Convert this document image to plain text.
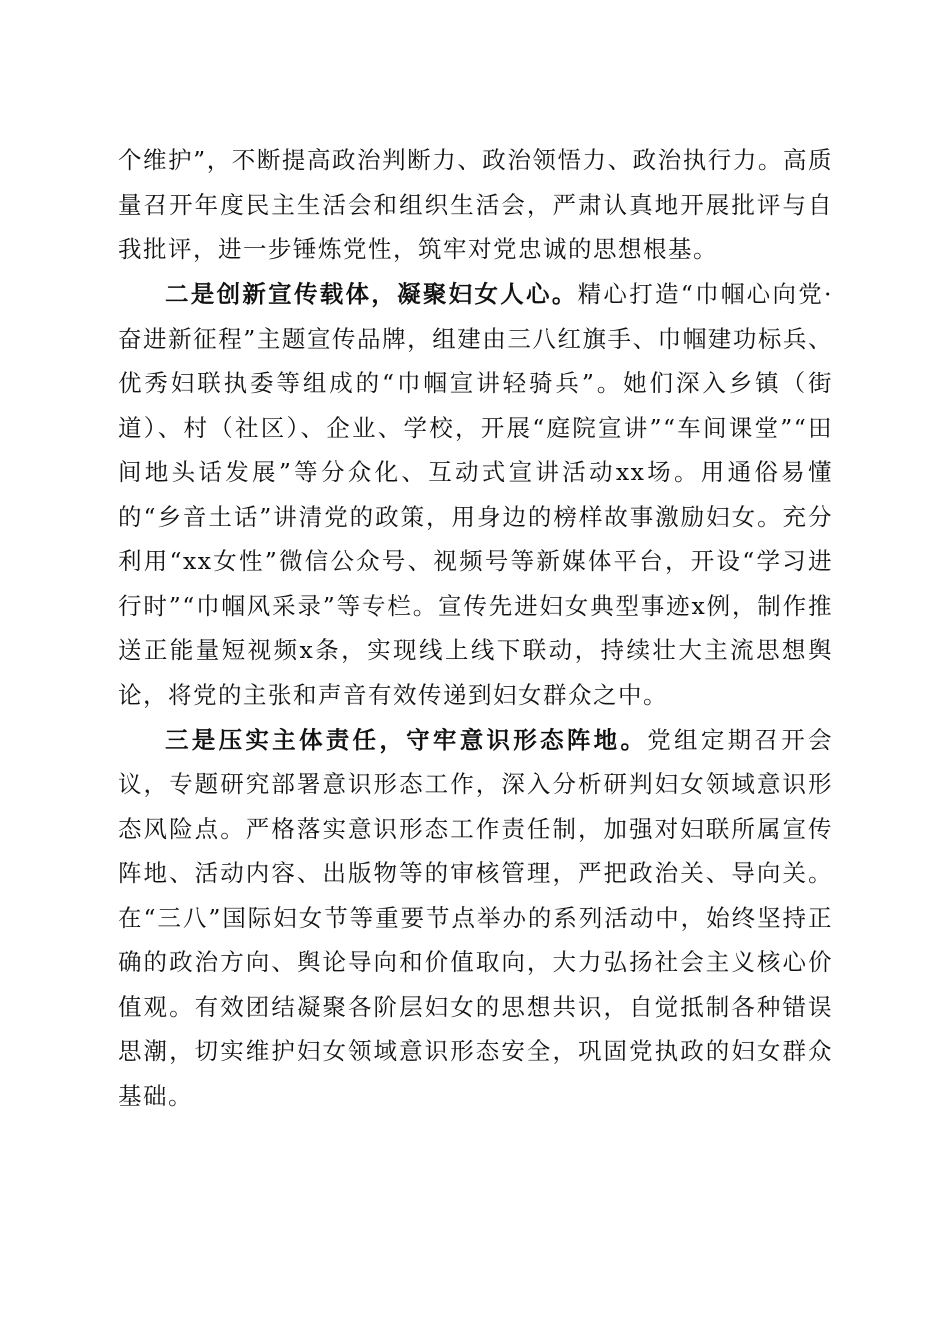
个维护”，不断提高政治判断力、政治领悟力、政治执行力。高质量召开年度民主生活会和组织生活会，严肃认真地开展批评与自我批评，进一步锤炼党性，筑牢对党忠诚的思想根基。

二是创新宣传载体，凝聚妇女人心。精心打造“巾帼心向党·奋进新征程”主题宣传品牌，组建由三八红旗手、巾帼建功标兵、优秀妇联执委等组成的“巾帼宣讲轻骑兵”。她们深入乡镇（街道）、村（社区）、企业、学校，开展“庭院宣讲”“车间课堂”“田间地头话发展”等分众化、互动式宣讲活动xx场。用通俗易懂的“乡音土话”讲清党的政策，用身边的榜样故事激励妇女。充分利用“xx女性”微信公众号、视频号等新媒体平台，开设“学习进行时”“巾帼风采录”等专栏。宣传先进妇女典型事迹x例，制作推送正能量短视频x条，实现线上线下联动，持续壮大主流思想舆论，将党的主张和声音有效传递到妇女群众之中。

三是压实主体责任，守牢意识形态阵地。党组定期召开会议，专题研究部署意识形态工作，深入分析研判妇女领域意识形态风险点。严格落实意识形态工作责任制，加强对妇联所属宣传阵地、活动内容、出版物等的审核管理，严把政治关、导向关。在“三八”国际妇女节等重要节点举办的系列活动中，始终坚持正确的政治方向、舆论导向和价值取向，大力弘扬社会主义核心价值观。有效团结凝聚各阶层妇女的思想共识，自觉抵制各种错误思潮，切实维护妇女领域意识形态安全，巩固党执政的妇女群众基础。
